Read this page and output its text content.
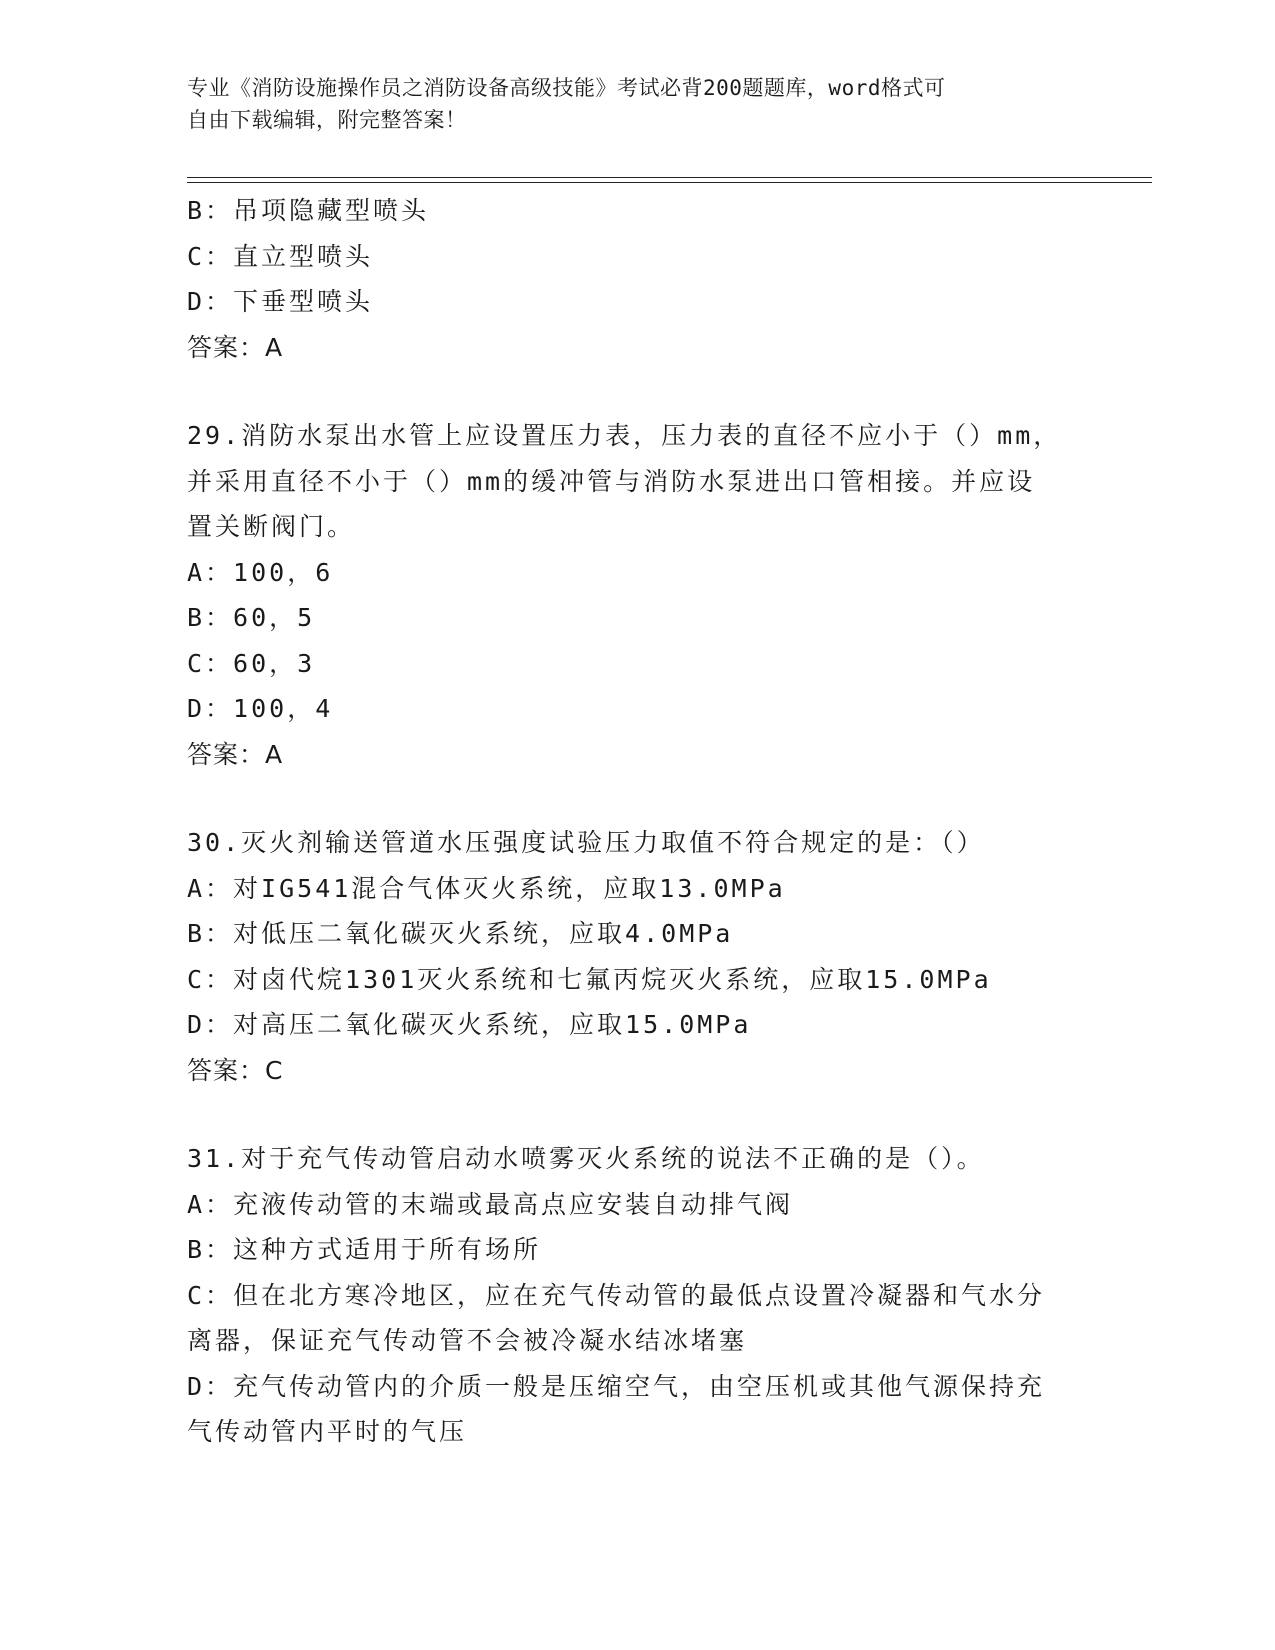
专业《消防设施操作员之消防设备高级技能》考试必背200题题库，word格式可
自由下载编辑，附完整答案！
B：吊项隐藏型喷头
C：直立型喷头
D：下垂型喷头
答案：A
29.消防水泵出水管上应设置压力表，压力表的直径不应小于（）mm，
并采用直径不小于（）mm的缓冲管与消防水泵进出口管相接。并应设
置关断阀门。
A：100，6
B：60，5
C：60，3
D：100，4
答案：A
30.灭火剂输送管道水压强度试验压力取值不符合规定的是：（）
A：对IG541混合气体灭火系统，应取13.0MPa
B：对低压二氧化碳灭火系统，应取4.0MPa
C：对卤代烷1301灭火系统和七氟丙烷灭火系统，应取15.0MPa
D：对高压二氧化碳灭火系统，应取15.0MPa
答案：C
31.对于充气传动管启动水喷雾灭火系统的说法不正确的是（）。
A：充液传动管的末端或最高点应安装自动排气阀
B：这种方式适用于所有场所
C：但在北方寒冷地区，应在充气传动管的最低点设置冷凝器和气水分
离器，保证充气传动管不会被冷凝水结冰堵塞
D：充气传动管内的介质一般是压缩空气，由空压机或其他气源保持充
气传动管内平时的气压
